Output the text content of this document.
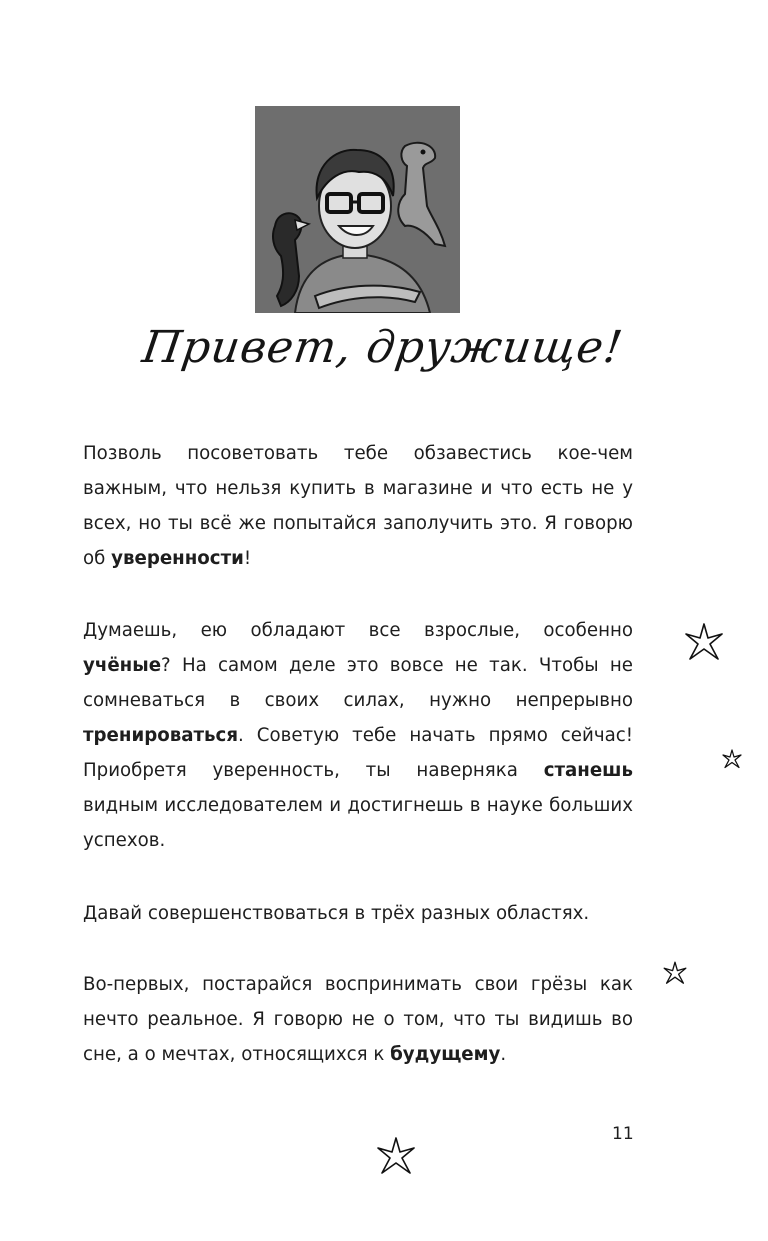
Привет, дружище!

Позволь посоветовать тебе обзавестись кое-чем важным, что нельзя купить в магазине и что есть не у всех, но ты всё же попытайся заполучить это. Я говорю об уверенности!

Думаешь, ею обладают все взрослые, особенно учёные? На самом деле это вовсе не так. Чтобы не сомневаться в своих силах, нужно непрерывно тренироваться. Советую тебе начать прямо сейчас! Приобретя уверенность, ты наверняка станешь видным исследователем и достигнешь в науке больших успехов.

Давай совершенствоваться в трёх разных областях.

Во-первых, постарайся воспринимать свои грёзы как нечто реальное. Я говорю не о том, что ты видишь во сне, а о мечтах, относящихся к будущему.

11
